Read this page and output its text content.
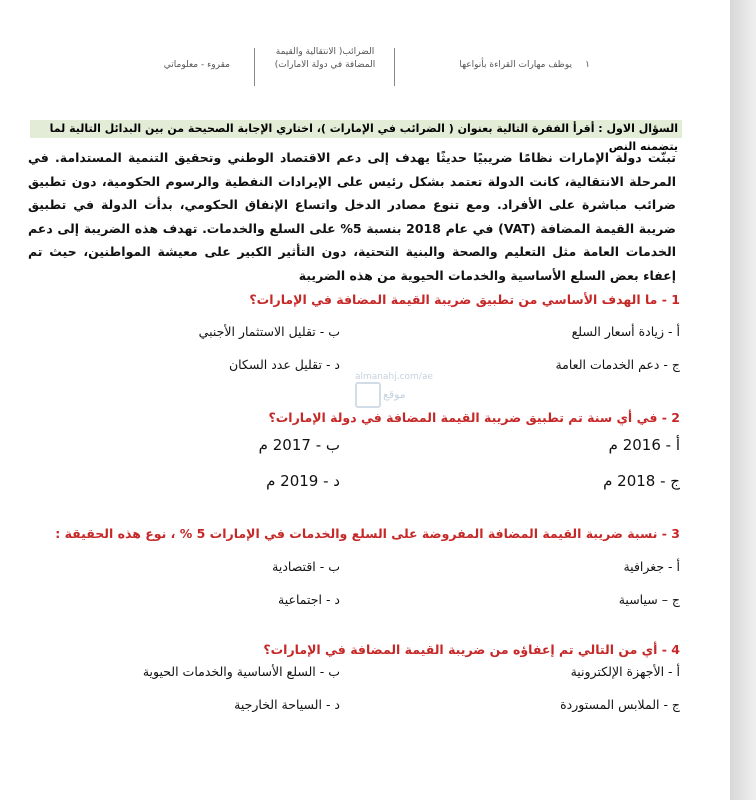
١
يوظف مهارات القراءة بأنواعها
الضرائب( الانتقالية والقيمة المضافة في دولة الامارات)
مقروء - معلوماتي
السؤال الاول : أقرأ الفقرة التالية بعنوان ( الضرائب في الإمارات )، اختاري الإجابة الصحيحة من بين البدائل التالية لما يتضمنه النص
تبنّت دولة الإمارات نظامًا ضريبيًا حديثًا يهدف إلى دعم الاقتصاد الوطني وتحقيق التنمية المستدامة. في المرحلة الانتقالية، كانت الدولة تعتمد بشكل رئيس على الإيرادات النفطية والرسوم الحكومية، دون تطبيق ضرائب مباشرة على الأفراد. ومع تنوع مصادر الدخل واتساع الإنفاق الحكومي، بدأت الدولة في تطبيق ضريبة القيمة المضافة (VAT) في عام 2018 بنسبة 5% على السلع والخدمات. تهدف هذه الضريبة إلى دعم الخدمات العامة مثل التعليم والصحة والبنية التحتية، دون التأثير الكبير على معيشة المواطنين، حيث تم إعفاء بعض السلع الأساسية والخدمات الحيوية من هذه الضريبة
almanahj.com/ae
موقع
1 - ما الهدف الأساسي من تطبيق ضريبة القيمة المضافة في الإمارات؟
أ - زيادة أسعار السلع
ب - تقليل الاستثمار الأجنبي
ج - دعم الخدمات العامة
د - تقليل عدد السكان
2 - في أي سنة تم تطبيق ضريبة القيمة المضافة في دولة الإمارات؟
أ - 2016 م
ب - 2017 م
ج - 2018 م
د - 2019 م
3 - نسبة ضريبة القيمة المضافة المفروضة على السلع والخدمات في الإمارات 5 % ، نوع هذه الحقيقة :
أ - جغرافية
ب - اقتصادية
ج – سياسية
د - اجتماعية
4 - أي من التالي تم إعفاؤه من ضريبة القيمة المضافة في الإمارات؟
أ - الأجهزة الإلكترونية
ب - السلع الأساسية والخدمات الحيوية
ج - الملابس المستوردة
د - السياحة الخارجية
